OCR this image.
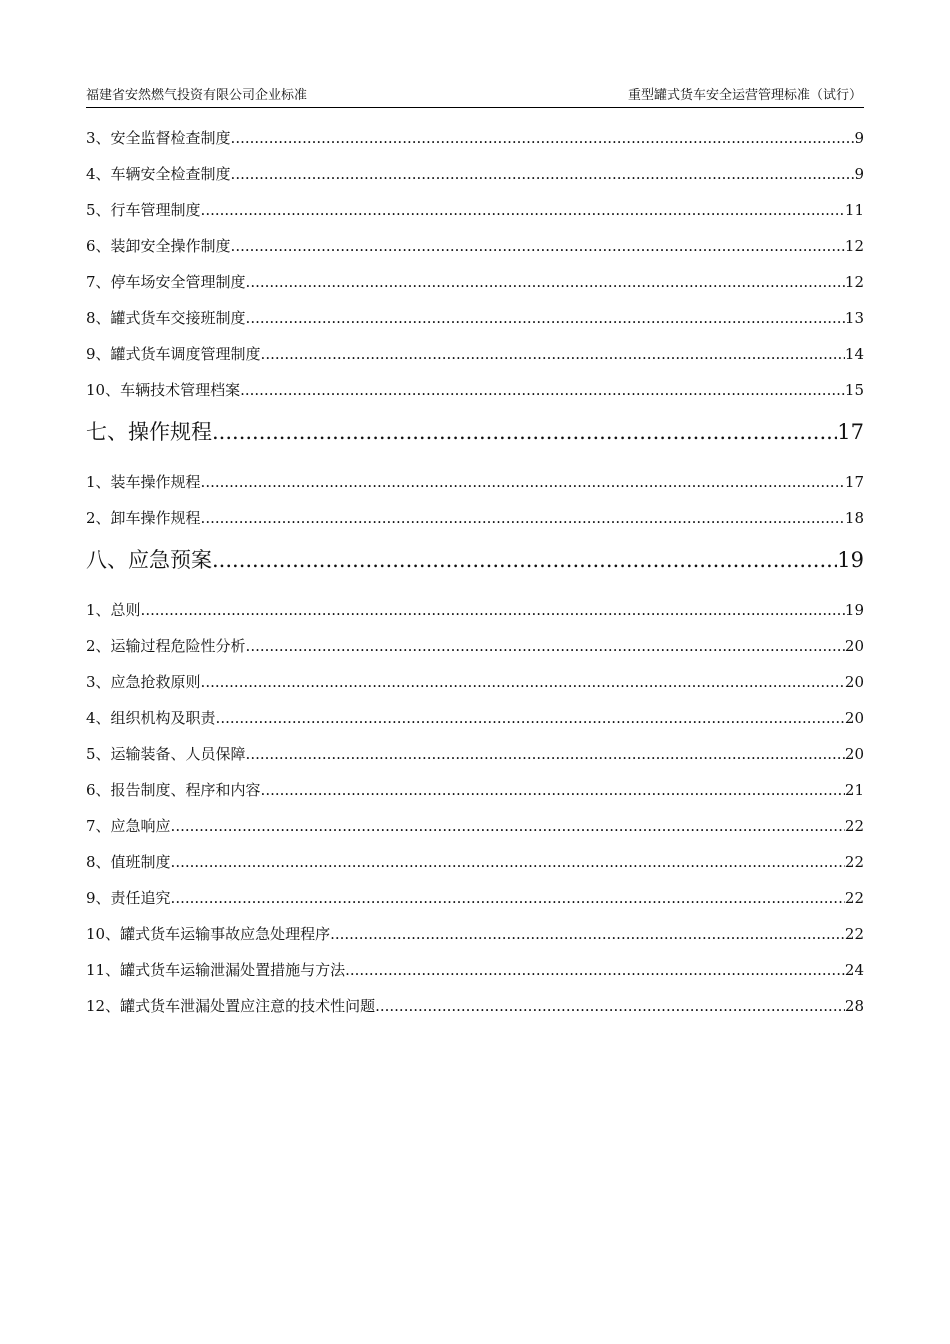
福建省安然燃气投资有限公司企业标准	重型罐式货车安全运营管理标准（试行）
3、安全监督检查制度 .....	9
4、车辆安全检查制度 .....	9
5、行车管理制度 .....	11
6、装卸安全操作制度 .....	12
7、停车场安全管理制度 .....	12
8、罐式货车交接班制度 .....	13
9、罐式货车调度管理制度 .....	14
10、车辆技术管理档案 .....	15
七、操作规程 .....	17
1、装车操作规程 .....	17
2、卸车操作规程 .....	18
八、应急预案 .....	19
1、总则 .....	19
2、运输过程危险性分析 .....	20
3、应急抢救原则 .....	20
4、组织机构及职责 .....	20
5、运输装备、人员保障 .....	20
6、报告制度、程序和内容 .....	21
7、应急响应 .....	22
8、值班制度 .....	22
9、责任追究 .....	22
10、罐式货车运输事故应急处理程序 .....	22
11、罐式货车运输泄漏处置措施与方法 .....	24
12、罐式货车泄漏处置应注意的技术性问题 .....	28
